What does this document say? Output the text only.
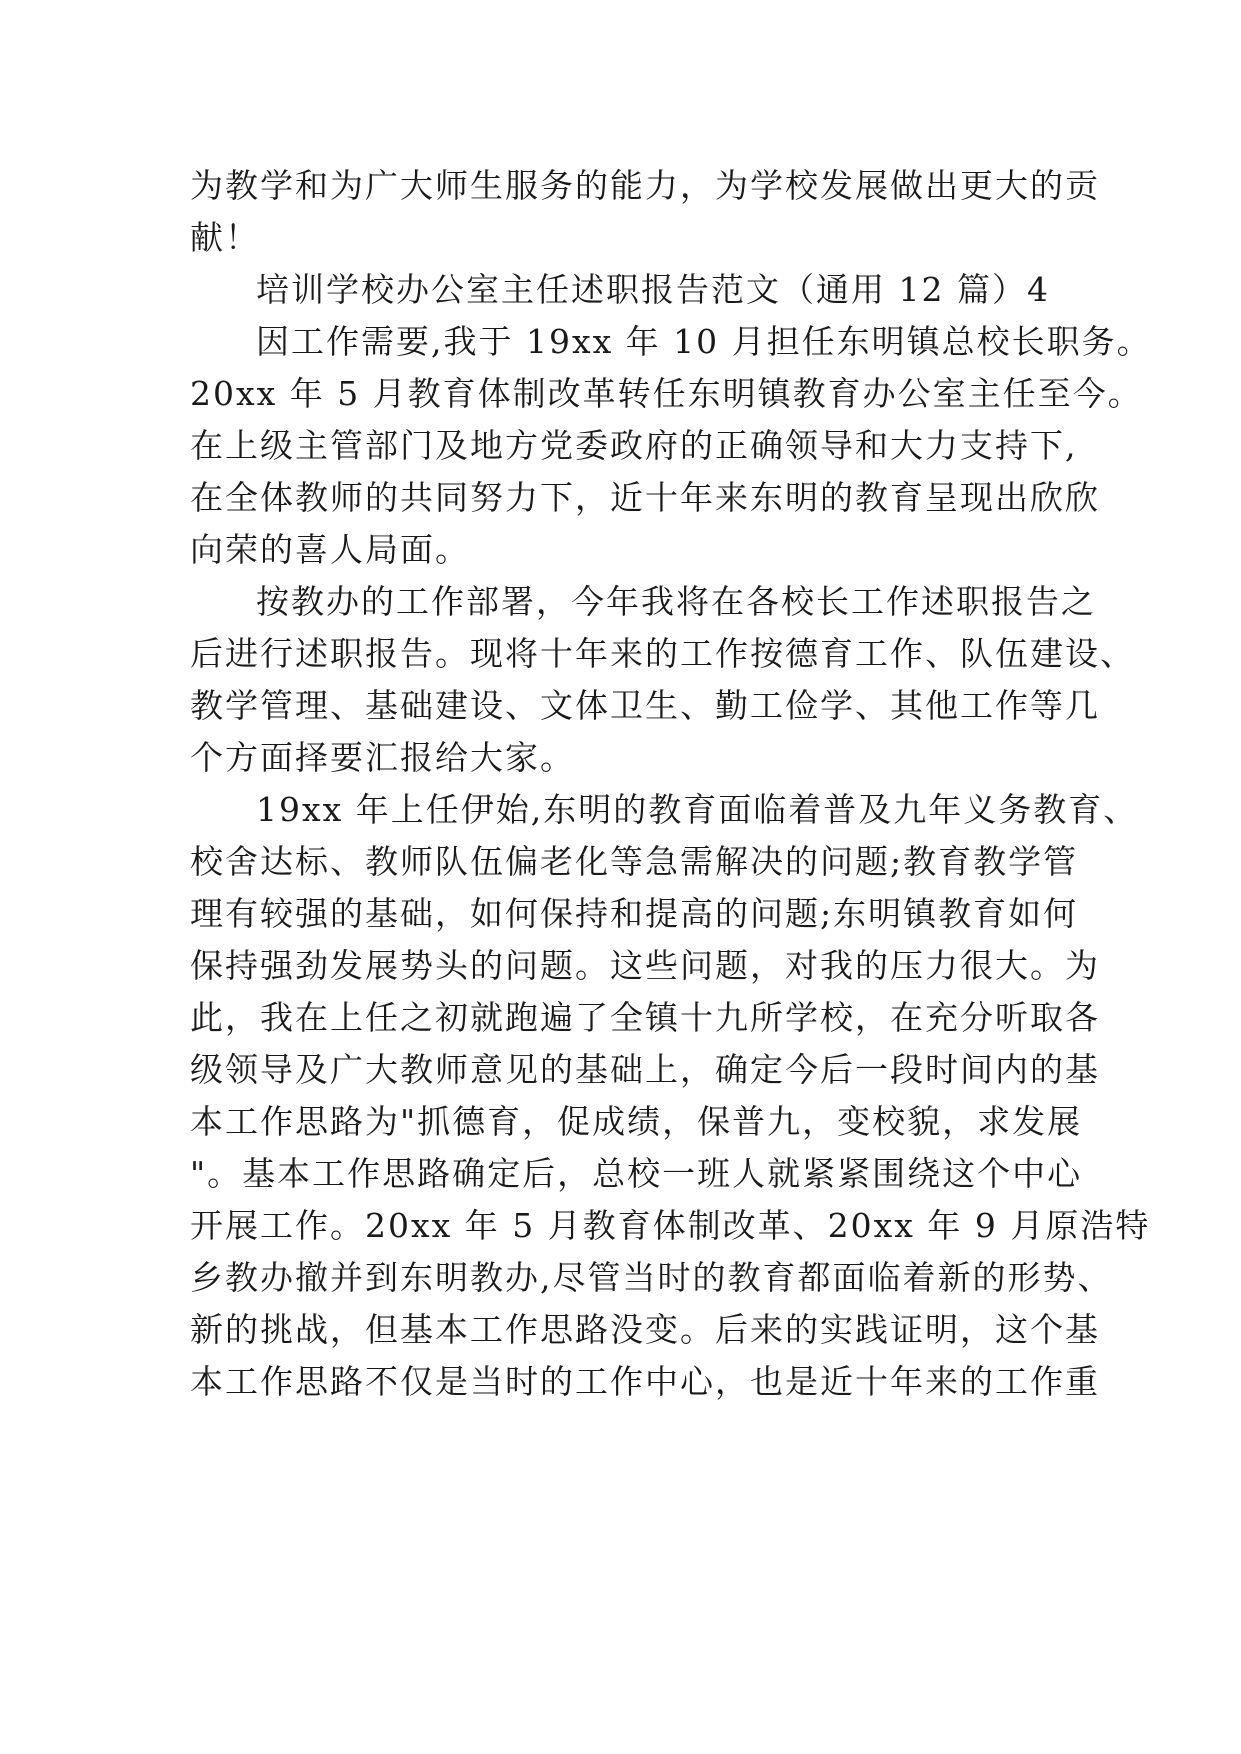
为教学和为广大师生服务的能力，为学校发展做出更大的贡
献！
培训学校办公室主任述职报告范文（通用 12 篇）4
因工作需要,我于 19xx 年 10 月担任东明镇总校长职务。
20xx 年 5 月教育体制改革转任东明镇教育办公室主任至今。
在上级主管部门及地方党委政府的正确领导和大力支持下,
在全体教师的共同努力下，近十年来东明的教育呈现出欣欣
向荣的喜人局面。
按教办的工作部署，今年我将在各校长工作述职报告之
后进行述职报告。现将十年来的工作按德育工作、队伍建设、
教学管理、基础建设、文体卫生、勤工俭学、其他工作等几
个方面择要汇报给大家。
19xx 年上任伊始,东明的教育面临着普及九年义务教育、
校舍达标、教师队伍偏老化等急需解决的问题;教育教学管
理有较强的基础，如何保持和提高的问题;东明镇教育如何
保持强劲发展势头的问题。这些问题，对我的压力很大。为
此，我在上任之初就跑遍了全镇十九所学校，在充分听取各
级领导及广大教师意见的基础上，确定今后一段时间内的基
本工作思路为"抓德育，促成绩，保普九，变校貌，求发展
"。基本工作思路确定后，总校一班人就紧紧围绕这个中心
开展工作。20xx 年 5 月教育体制改革、20xx 年 9 月原浩特
乡教办撤并到东明教办,尽管当时的教育都面临着新的形势、
新的挑战，但基本工作思路没变。后来的实践证明，这个基
本工作思路不仅是当时的工作中心，也是近十年来的工作重
